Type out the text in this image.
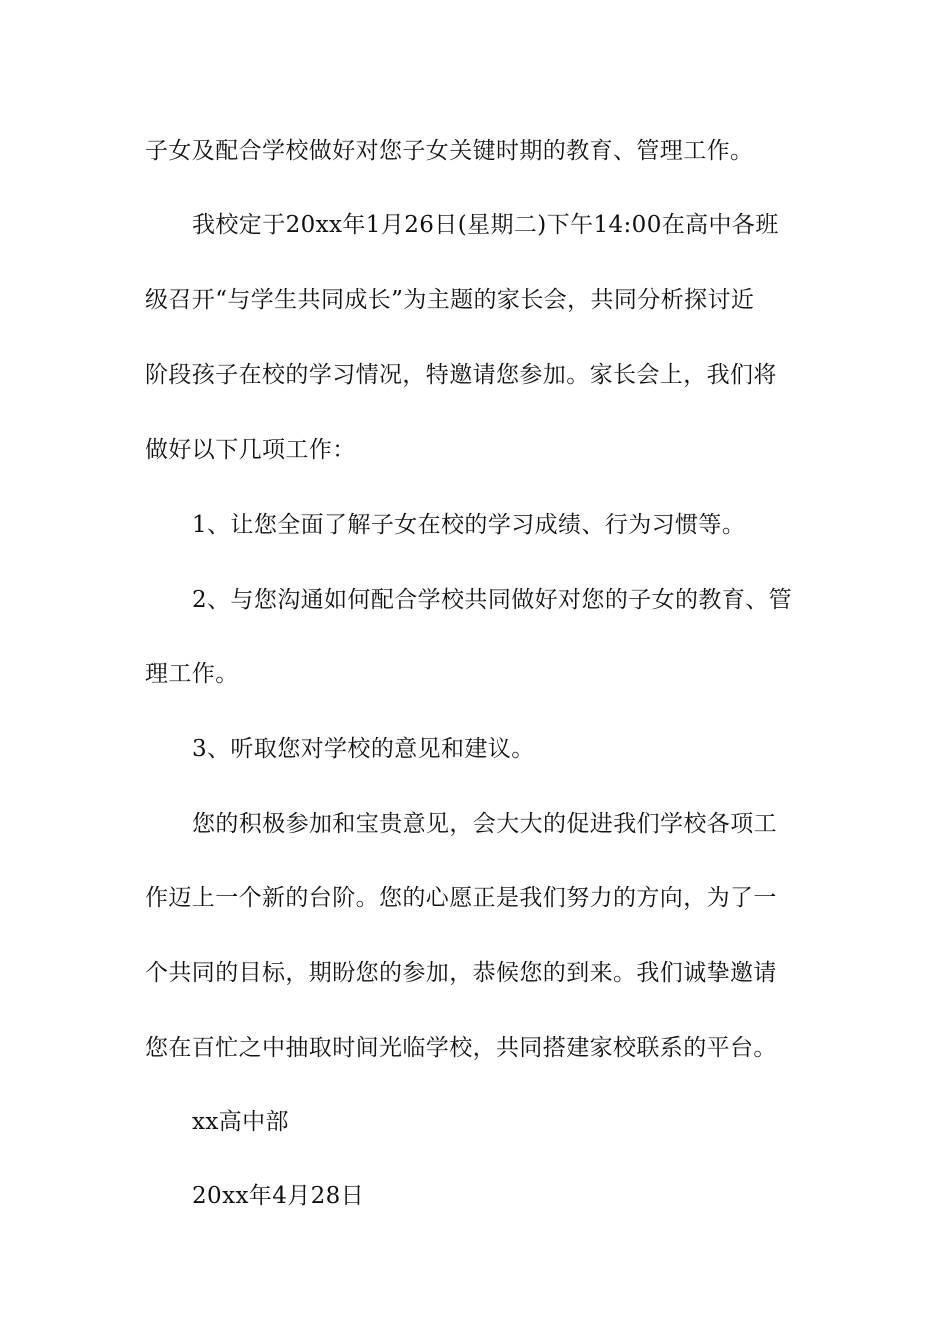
子女及配合学校做好对您子女关键时期的教育、管理工作。
我校定于20xx年1月26日(星期二)下午14:00在高中各班
级召开“与学生共同成长”为主题的家长会，共同分析探讨近
阶段孩子在校的学习情况，特邀请您参加。家长会上，我们将
做好以下几项工作：
1、让您全面了解子女在校的学习成绩、行为习惯等。
2、与您沟通如何配合学校共同做好对您的子女的教育、管
理工作。
3、听取您对学校的意见和建议。
您的积极参加和宝贵意见，会大大的促进我们学校各项工
作迈上一个新的台阶。您的心愿正是我们努力的方向，为了一
个共同的目标，期盼您的参加，恭候您的到来。我们诚挚邀请
您在百忙之中抽取时间光临学校，共同搭建家校联系的平台。
xx高中部
20xx年4月28日
